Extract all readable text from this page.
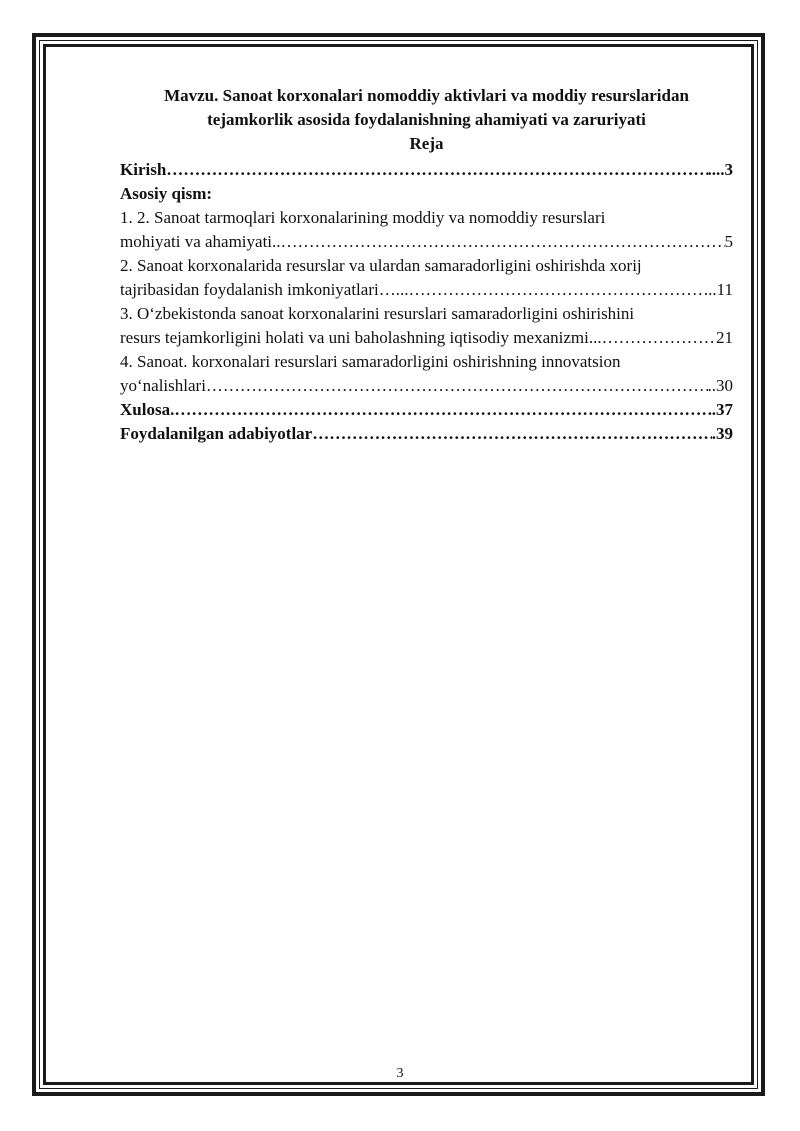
Mavzu. Sanoat korxonalari nomoddiy aktivlari va moddiy resurslaridan tejamkorlik asosida foydalanishning ahamiyati va zaruriyati

Reja

Kirish ………………………………………………………………………………………………………………………………………………………………	.... 3
Asosiy qism:
1. 2. Sanoat tarmoqlari korxonalarining moddiy va nomoddiy resurslari
mohiyati va ahamiyati.. ………………………………………………………………………………………………………………………………………………………………	5
2. Sanoat korxonalarida resurslar va ulardan samaradorligini oshirishda xorij
tajribasidan foydalanish imkoniyatlari…... ………………………………………………………………………………………………………………………………………………………………	..11
3. O‘zbekistonda sanoat korxonalarini resurslari samaradorligini oshirishini
resurs tejamkorligini holati va uni baholashning iqtisodiy mexanizmi... ………………………………………………………………………………………………………………………………………………………………	21
4. Sanoat. korxonalari resurslari samaradorligini oshirishning innovatsion
yo‘nalishlari ………………………………………………………………………………………………………………………………………………………………	..30
Xulosa. ………………………………………………………………………………………………………………………………………………………………	.37
Foydalanilgan adabiyotlar ………………………………………………………………………………………………………………………………………………………………	.39
3
